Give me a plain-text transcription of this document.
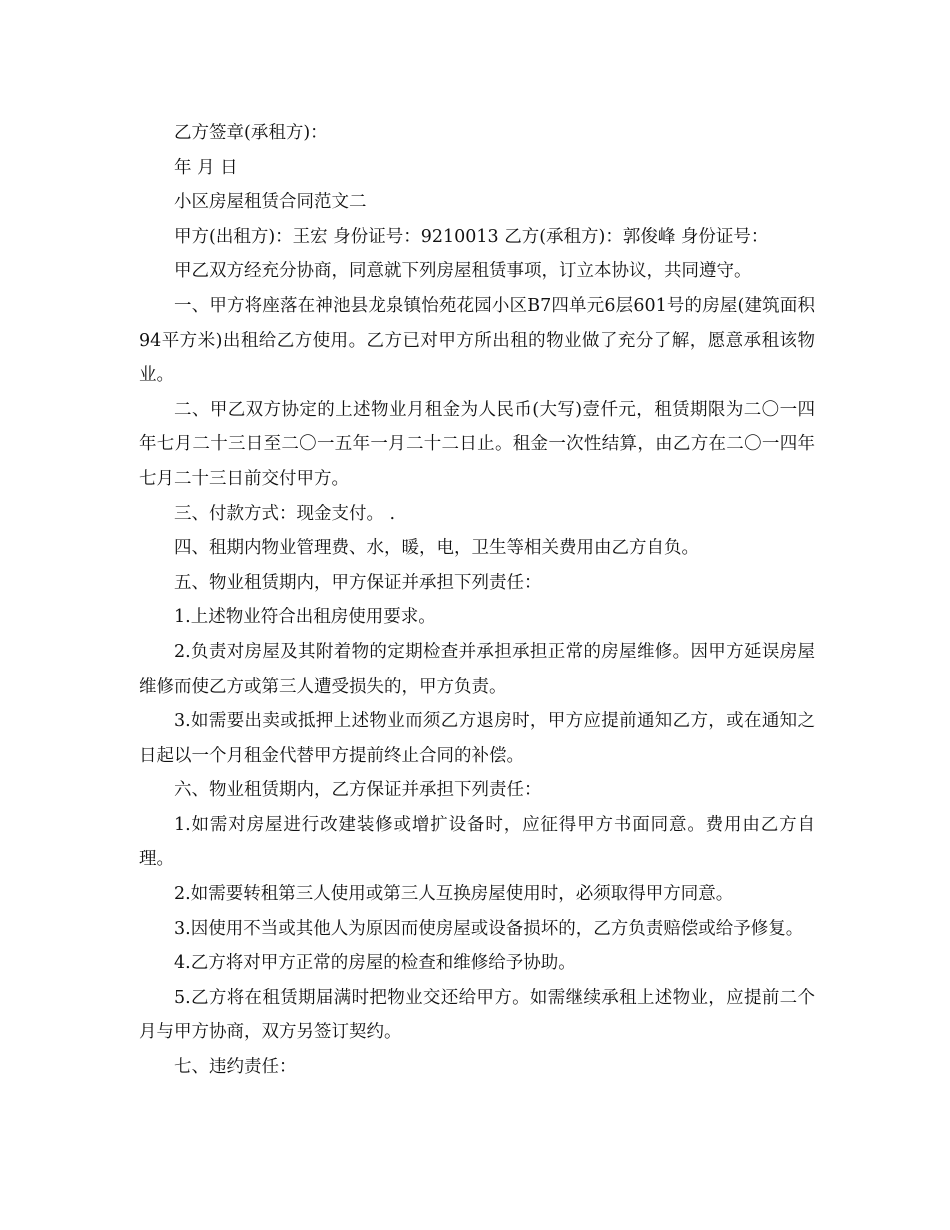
乙方签章(承租方)：

年 月 日

小区房屋租赁合同范文二

甲方(出租方)：王宏 身份证号：9210013 乙方(承租方)：郭俊峰 身份证号：

甲乙双方经充分协商，同意就下列房屋租赁事项，订立本协议，共同遵守。

一、甲方将座落在神池县龙泉镇怡苑花园小区B7四单元6层601号的房屋(建筑面积 94平方米)出租给乙方使用。乙方已对甲方所出租的物业做了充分了解，愿意承租该物业。

二、甲乙双方协定的上述物业月租金为人民币(大写)壹仟元，租赁期限为二〇一四年七月二十三日至二〇一五年一月二十二日止。租金一次性结算，由乙方在二〇一四年七月二十三日前交付甲方。

三、付款方式：现金支付。 .

四、租期内物业管理费、水，暖，电，卫生等相关费用由乙方自负。

五、物业租赁期内，甲方保证并承担下列责任：

1.上述物业符合出租房使用要求。

2.负责对房屋及其附着物的定期检查并承担承担正常的房屋维修。因甲方延误房屋维修而使乙方或第三人遭受损失的，甲方负责。

3.如需要出卖或抵押上述物业而须乙方退房时，甲方应提前通知乙方，或在通知之日起以一个月租金代替甲方提前终止合同的补偿。

六、物业租赁期内，乙方保证并承担下列责任：

1.如需对房屋进行改建装修或增扩设备时，应征得甲方书面同意。费用由乙方自理。

2.如需要转租第三人使用或第三人互换房屋使用时，必须取得甲方同意。

3.因使用不当或其他人为原因而使房屋或设备损坏的，乙方负责赔偿或给予修复。

4.乙方将对甲方正常的房屋的检查和维修给予协助。

5.乙方将在租赁期届满时把物业交还给甲方。如需继续承租上述物业，应提前二个月与甲方协商，双方另签订契约。

七、违约责任：
